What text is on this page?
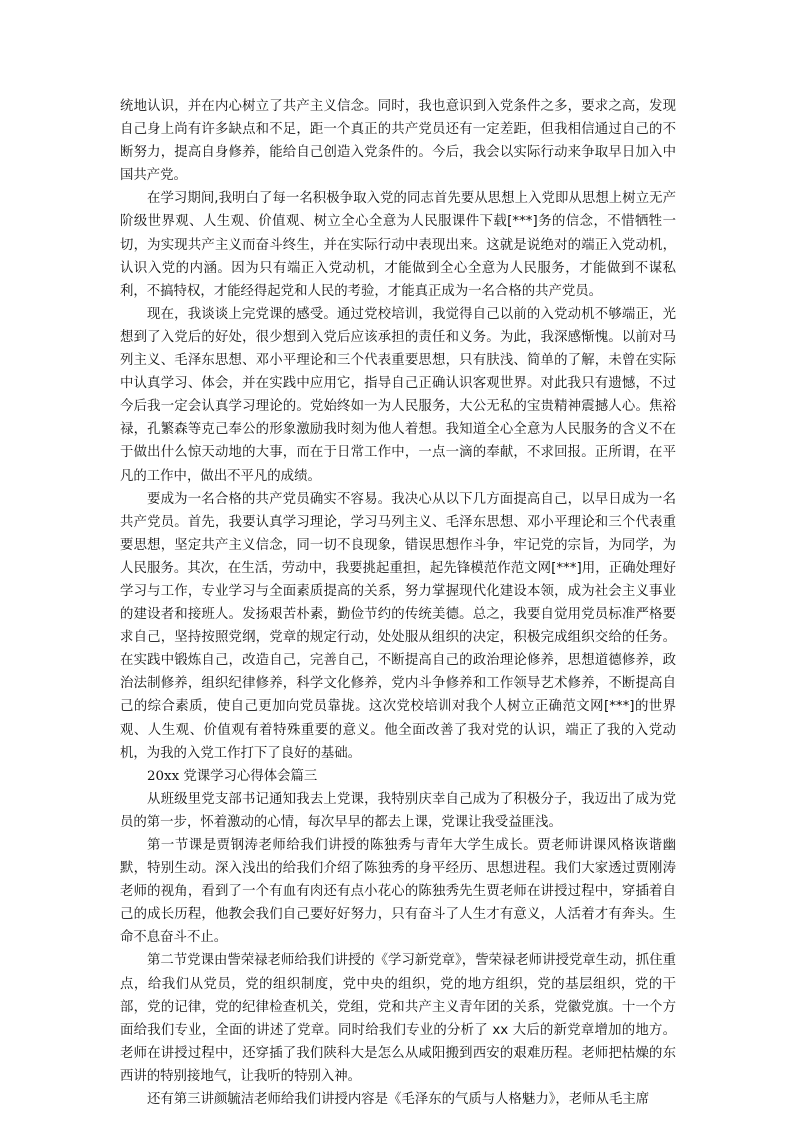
统地认识，并在内心树立了共产主义信念。同时，我也意识到入党条件之多，要求之高，发现自己身上尚有许多缺点和不足，距一个真正的共产党员还有一定差距，但我相信通过自己的不断努力，提高自身修养，能给自己创造入党条件的。今后，我会以实际行动来争取早日加入中国共产党。

在学习期间,我明白了每一名积极争取入党的同志首先要从思想上入党即从思想上树立无产阶级世界观、人生观、价值观、树立全心全意为人民服课件下载[***]务的信念，不惜牺牲一切，为实现共产主义而奋斗终生，并在实际行动中表现出来。这就是说绝对的端正入党动机，认识入党的内涵。因为只有端正入党动机，才能做到全心全意为人民服务，才能做到不谋私利，不搞特权，才能经得起党和人民的考验，才能真正成为一名合格的共产党员。

现在，我谈谈上完党课的感受。通过党校培训，我觉得自己以前的入党动机不够端正，光想到了入党后的好处，很少想到入党后应该承担的责任和义务。为此，我深感惭愧。以前对马列主义、毛泽东思想、邓小平理论和三个代表重要思想，只有肤浅、简单的了解，未曾在实际中认真学习、体会，并在实践中应用它，指导自己正确认识客观世界。对此我只有遗憾，不过今后我一定会认真学习理论的。党始终如一为人民服务，大公无私的宝贵精神震撼人心。焦裕禄，孔繁森等克己奉公的形象激励我时刻为他人着想。我知道全心全意为人民服务的含义不在于做出什么惊天动地的大事，而在于日常工作中，一点一滴的奉献，不求回报。正所谓，在平凡的工作中，做出不平凡的成绩。

要成为一名合格的共产党员确实不容易。我决心从以下几方面提高自己，以早日成为一名共产党员。首先，我要认真学习理论，学习马列主义、毛泽东思想、邓小平理论和三个代表重要思想，坚定共产主义信念，同一切不良现象，错误思想作斗争，牢记党的宗旨，为同学，为人民服务。其次，在生活，劳动中，我要挑起重担，起先锋模范作范文网[***]用，正确处理好学习与工作，专业学习与全面素质提高的关系，努力掌握现代化建设本领，成为社会主义事业的建设者和接班人。发扬艰苦朴素，勤俭节约的传统美德。总之，我要自觉用党员标准严格要求自己，坚持按照党纲，党章的规定行动，处处服从组织的决定，积极完成组织交给的任务。在实践中锻炼自己，改造自己，完善自己，不断提高自己的政治理论修养，思想道德修养，政治法制修养，组织纪律修养，科学文化修养，党内斗争修养和工作领导艺术修养，不断提高自己的综合素质，使自己更加向党员靠拢。这次党校培训对我个人树立正确范文网[***]的世界观、人生观、价值观有着特殊重要的意义。他全面改善了我对党的认识，端正了我的入党动机，为我的入党工作打下了良好的基础。

20xx 党课学习心得体会篇三

从班级里党支部书记通知我去上党课，我特别庆幸自己成为了积极分子，我迈出了成为党员的第一步，怀着激动的心情，每次早早的都去上课，党课让我受益匪浅。

第一节课是贾钢涛老师给我们讲授的陈独秀与青年大学生成长。贾老师讲课风格诙谐幽默，特别生动。深入浅出的给我们介绍了陈独秀的身平经历、思想进程。我们大家透过贾刚涛老师的视角，看到了一个有血有肉还有点小花心的陈独秀先生贾老师在讲授过程中，穿插着自己的成长历程，他教会我们自己要好好努力，只有奋斗了人生才有意义，人活着才有奔头。生命不息奋斗不止。

第二节党课由訾荣禄老师给我们讲授的《学习新党章》，訾荣禄老师讲授党章生动，抓住重点，给我们从党员，党的组织制度，党中央的组织，党的地方组织，党的基层组织，党的干部，党的记律，党的纪律检查机关，党组，党和共产主义青年团的关系，党徽党旗。十一个方面给我们专业，全面的讲述了党章。同时给我们专业的分析了 xx 大后的新党章增加的地方。老师在讲授过程中，还穿插了我们陕科大是怎么从咸阳搬到西安的艰难历程。老师把枯燥的东西讲的特别接地气，让我听的特别入神。

还有第三讲颜毓洁老师给我们讲授内容是《毛泽东的气质与人格魅力》，老师从毛主席
